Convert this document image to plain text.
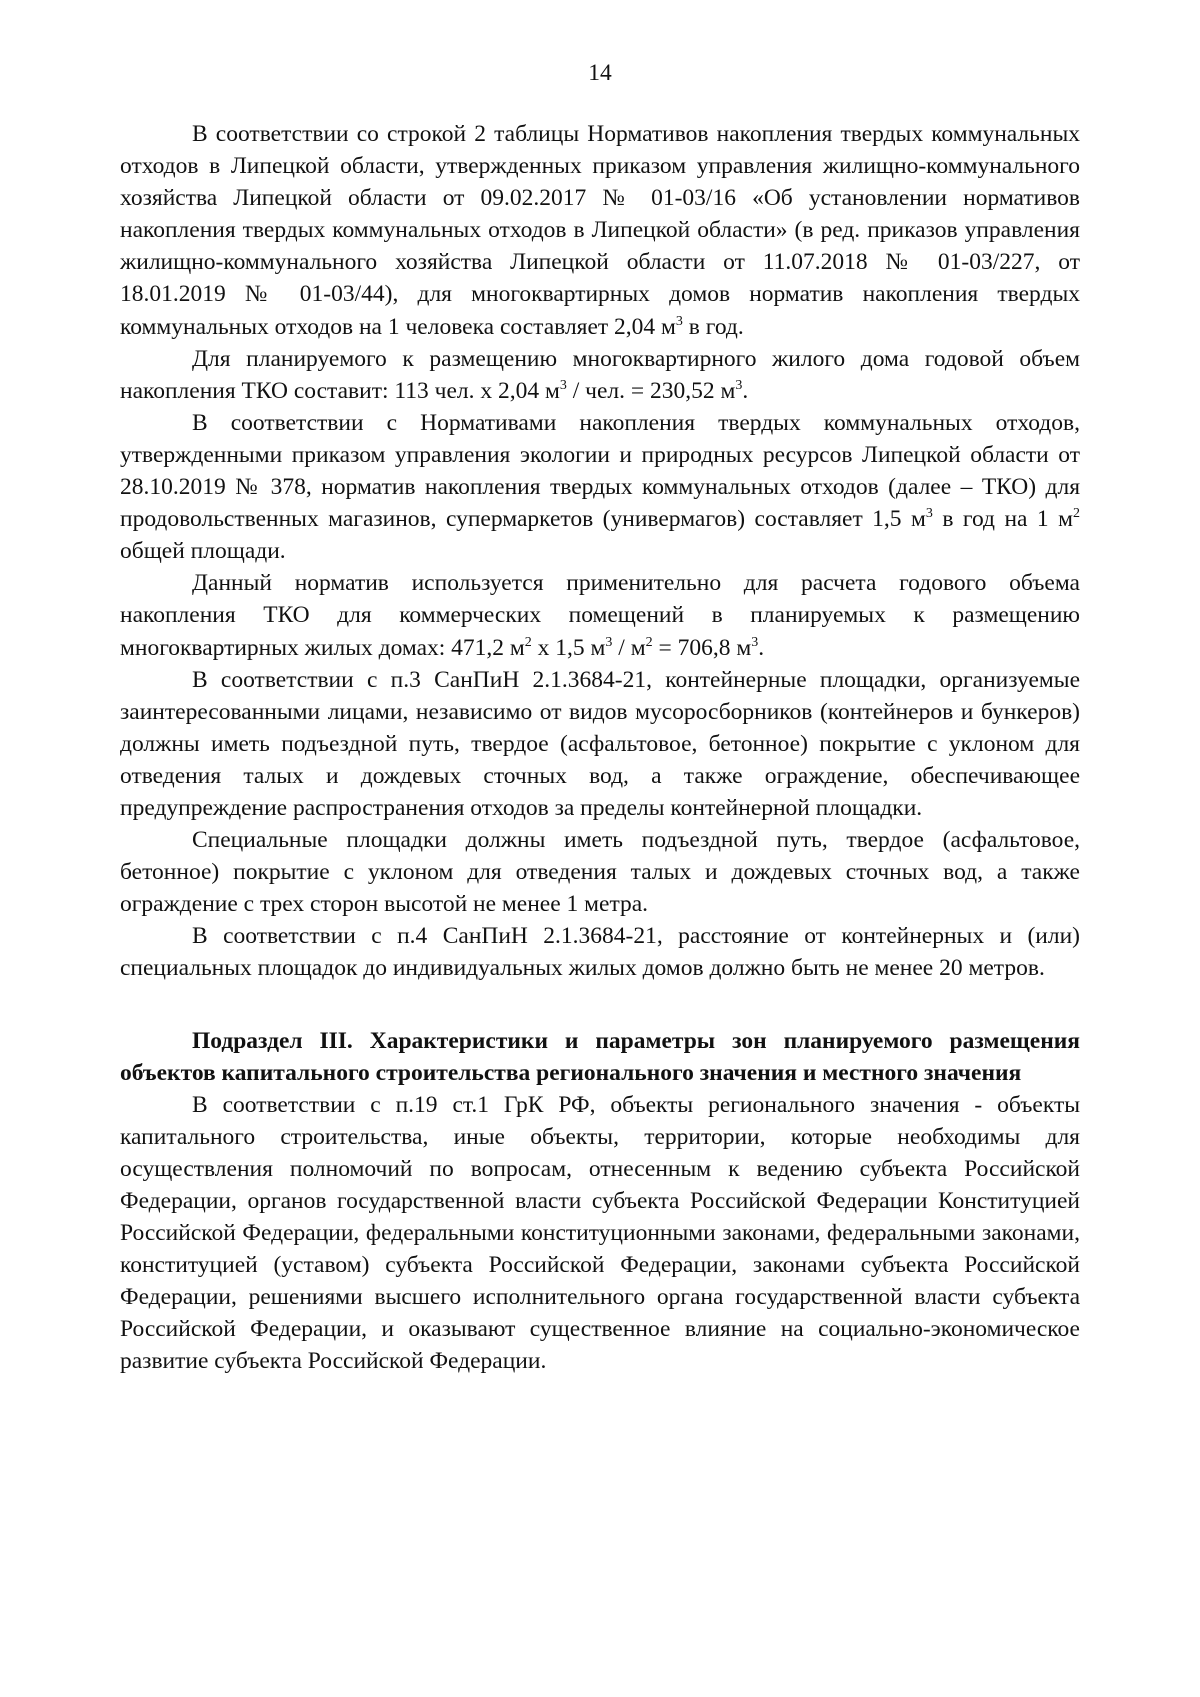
14

В соответствии со строкой 2 таблицы Нормативов накопления твердых коммунальных отходов в Липецкой области, утвержденных приказом управления жилищно-коммунального хозяйства Липецкой области от 09.02.2017 № 01-03/16 «Об установлении нормативов накопления твердых коммунальных отходов в Липецкой области» (в ред. приказов управления жилищно-коммунального хозяйства Липецкой области от 11.07.2018 № 01-03/227, от 18.01.2019 № 01-03/44), для многоквартирных домов норматив накопления твердых коммунальных отходов на 1 человека составляет 2,04 $м^3$ в год.

Для планируемого к размещению многоквартирного жилого дома годовой объем накопления ТКО составит: 113 чел. х 2,04 $м^3$ / чел. = 230,52 $м^3$.

В соответствии с Нормативами накопления твердых коммунальных отходов, утвержденными приказом управления экологии и природных ресурсов Липецкой области от 28.10.2019 № 378, норматив накопления твердых коммунальных отходов (далее – ТКО) для продовольственных магазинов, супермаркетов (универмагов) составляет 1,5 $м^3$ в год на 1 $м^2$ общей площади.

Данный норматив используется применительно для расчета годового объема накопления ТКО для коммерческих помещений в планируемых к размещению многоквартирных жилых домах: 471,2 $м^2$ х 1,5 $м^3 / м^2 = 706,8$ $м^3$.

В соответствии с п.3 СанПиН 2.1.3684-21, контейнерные площадки, организуемые заинтересованными лицами, независимо от видов мусоросборников (контейнеров и бункеров) должны иметь подъездной путь, твердое (асфальтовое, бетонное) покрытие с уклоном для отведения талых и дождевых сточных вод, а также ограждение, обеспечивающее предупреждение распространения отходов за пределы контейнерной площадки.

Специальные площадки должны иметь подъездной путь, твердое (асфальтовое, бетонное) покрытие с уклоном для отведения талых и дождевых сточных вод, а также ограждение с трех сторон высотой не менее 1 метра.

В соответствии с п.4 СанПиН 2.1.3684-21, расстояние от контейнерных и (или) специальных площадок до индивидуальных жилых домов должно быть не менее 20 метров.

Подраздел III. Характеристики и параметры зон планируемого размещения объектов капитального строительства регионального значения и местного значения

В соответствии с п.19 ст.1 ГрК РФ, объекты регионального значения - объекты капитального строительства, иные объекты, территории, которые необходимы для осуществления полномочий по вопросам, отнесенным к ведению субъекта Российской Федерации, органов государственной власти субъекта Российской Федерации Конституцией Российской Федерации, федеральными конституционными законами, федеральными законами, конституцией (уставом) субъекта Российской Федерации, законами субъекта Российской Федерации, решениями высшего исполнительного органа государственной власти субъекта Российской Федерации, и оказывают существенное влияние на социально-экономическое развитие субъекта Российской Федерации.
